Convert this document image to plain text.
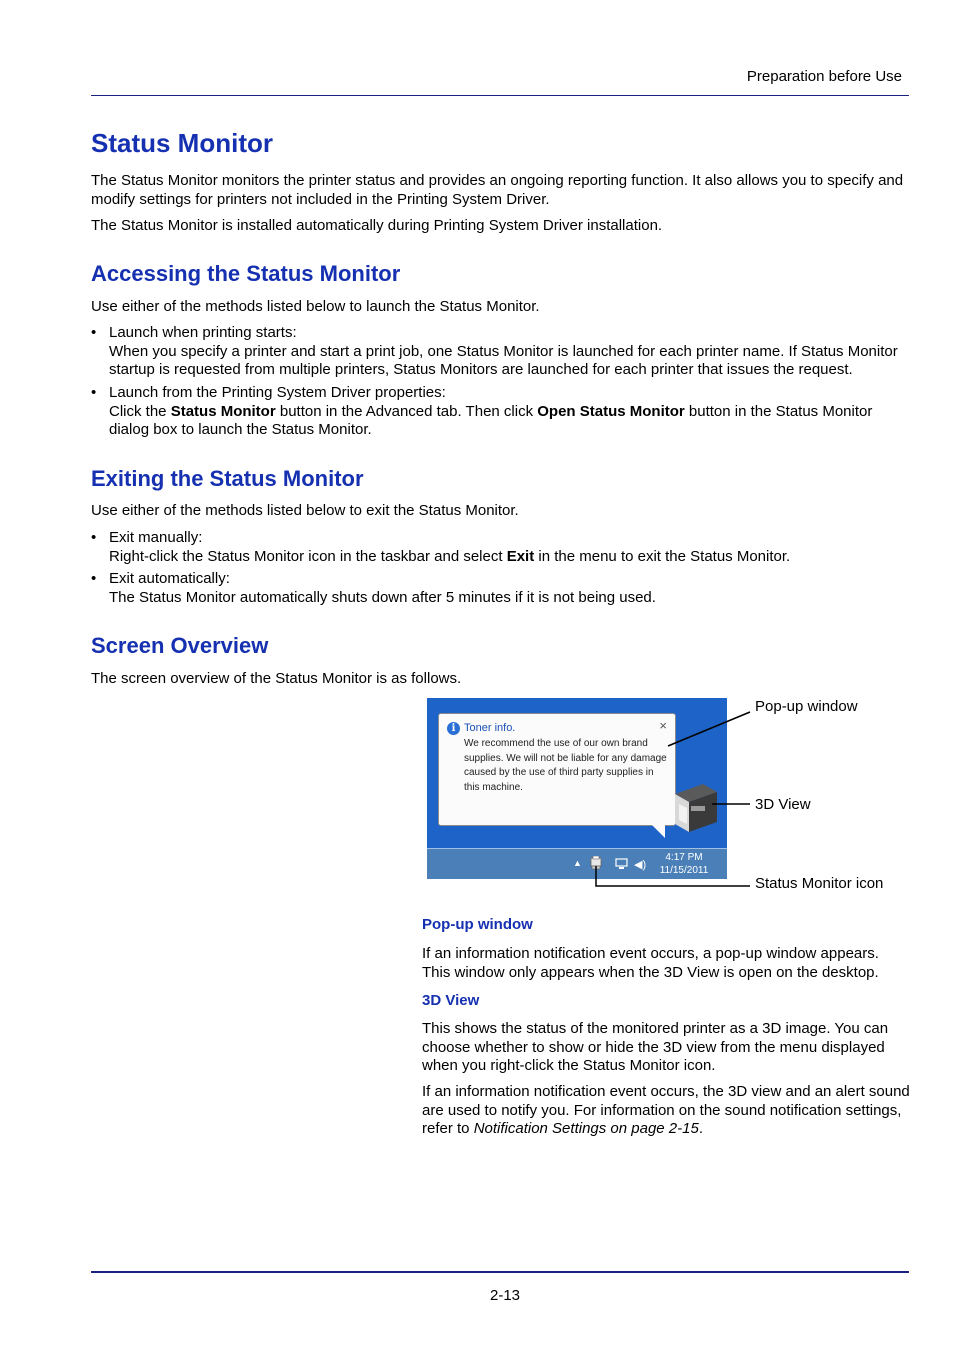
Preparation before Use
Status Monitor

The Status Monitor monitors the printer status and provides an ongoing reporting function. It also allows you to specify and modify settings for printers not included in the Printing System Driver.

The Status Monitor is installed automatically during Printing System Driver installation.

Accessing the Status Monitor

Use either of the methods listed below to launch the Status Monitor.

• Launch when printing starts:
When you specify a printer and start a print job, one Status Monitor is launched for each printer name. If Status Monitor startup is requested from multiple printers, Status Monitors are launched for each printer that issues the request.
• Launch from the Printing System Driver properties:
Click the Status Monitor button in the Advanced tab. Then click Open Status Monitor button in the Status Monitor dialog box to launch the Status Monitor.
Exiting the Status Monitor

Use either of the methods listed below to exit the Status Monitor.

• Exit manually:
Right-click the Status Monitor icon in the taskbar and select Exit in the menu to exit the Status Monitor.
• Exit automatically:
The Status Monitor automatically shuts down after 5 minutes if it is not being used.
Screen Overview

The screen overview of the Status Monitor is as follows.

i Toner info.	×
We recommend the use of our own brand supplies. We will not be liable for any damage caused by the use of third party supplies in this machine.
▲	◀)
4:17 PM
11/15/2011
Pop-up window
3D View
Status Monitor icon
Pop-up window

If an information notification event occurs, a pop-up window appears. This window only appears when the 3D View is open on the desktop.

3D View

This shows the status of the monitored printer as a 3D image. You can choose whether to show or hide the 3D view from the menu displayed when you right-click the Status Monitor icon.

If an information notification event occurs, the 3D view and an alert sound are used to notify you. For information on the sound notification settings, refer to Notification Settings on page 2-15.

2-13
